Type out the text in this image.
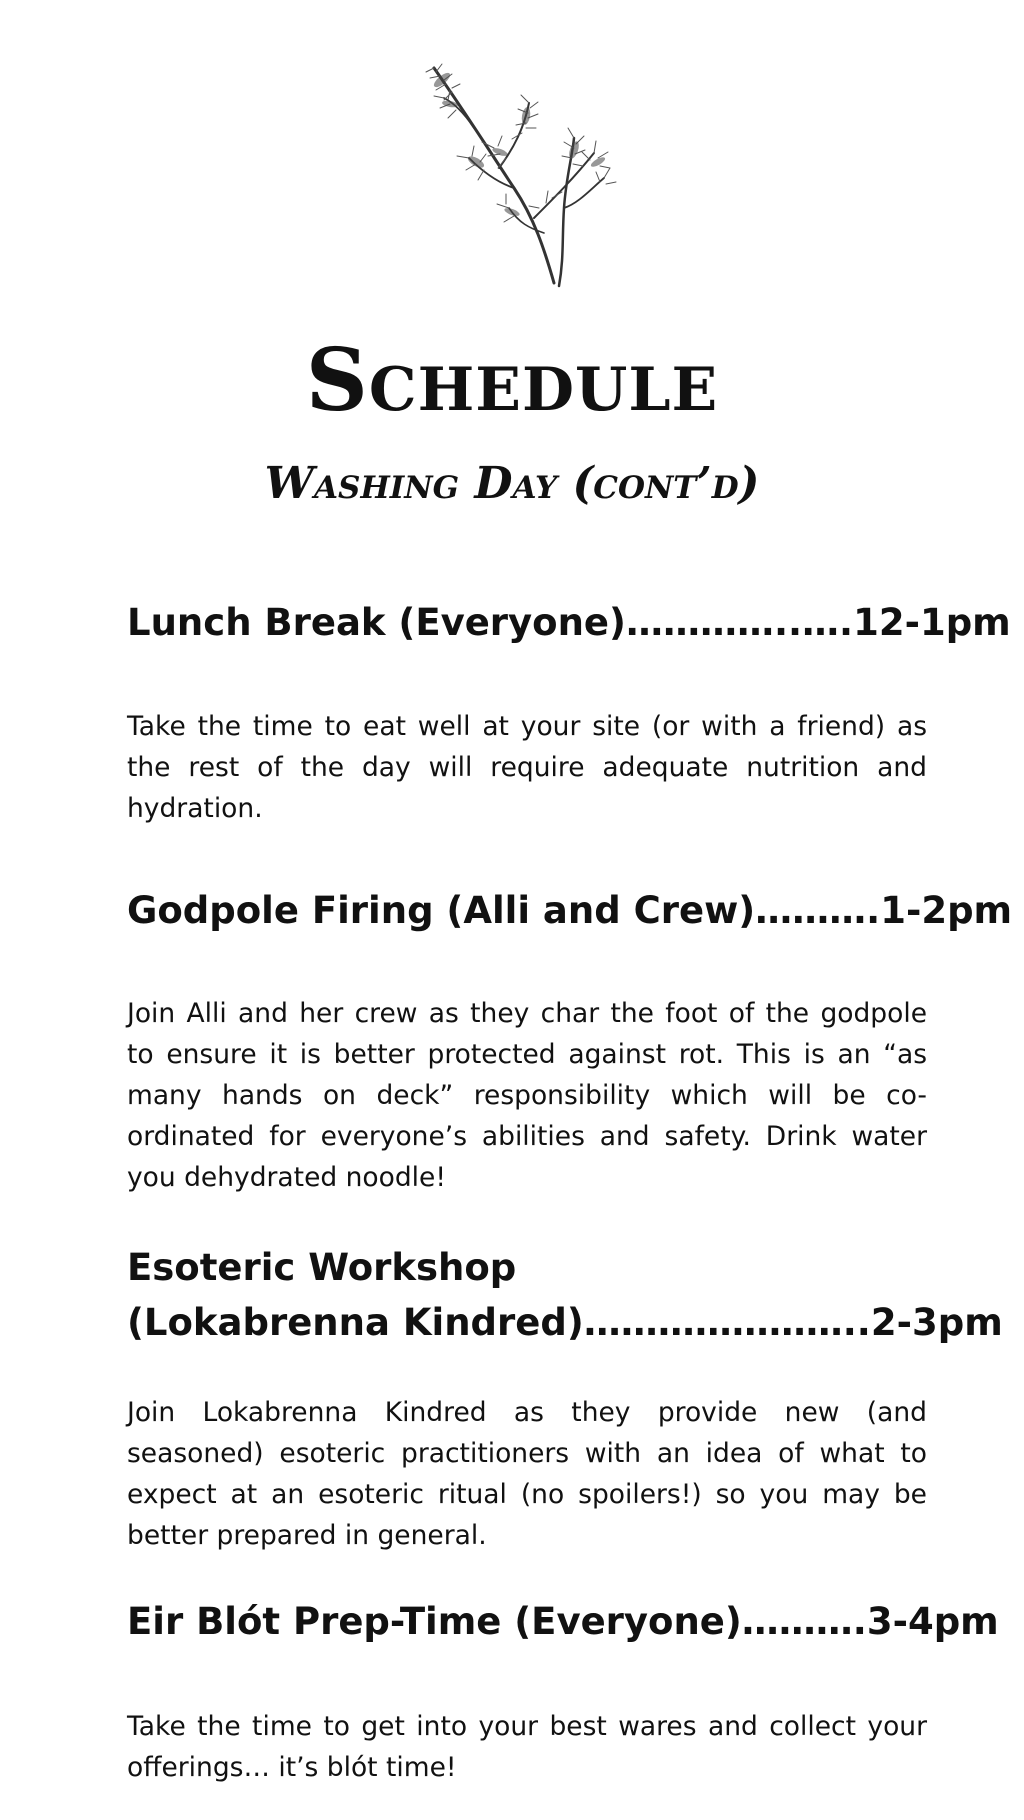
Schedule
Washing Day (cont’d)
Lunch Break (Everyone)…………..….12-1pm

Take the time to eat well at your site (or with a friend) as the rest of the day will require adequate nutrition and hydration.

Godpole Firing (Alli and Crew)……….1-2pm

Join Alli and her crew as they char the foot of the godpole to ensure it is better protected against rot. This is an “as many hands on deck” responsibility which will be co-ordinated for everyone’s abilities and safety. Drink water you dehydrated noodle!

Esoteric Workshop
(Lokabrenna Kindred)…………………..2-3pm

Join Lokabrenna Kindred as they provide new (and seasoned) esoteric practitioners with an idea of what to expect at an esoteric ritual (no spoilers!) so you may be better prepared in general.

Eir Blót Prep-Time (Everyone)……….3-4pm

Take the time to get into your best wares and collect your offerings… it’s blót time!
